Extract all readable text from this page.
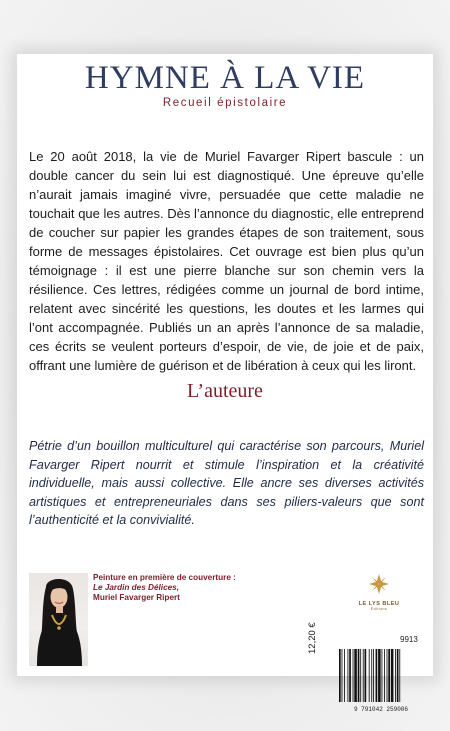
HYMNE À LA VIE
Recueil épistolaire
Le 20 août 2018, la vie de Muriel Favarger Ripert bascule : un double cancer du sein lui est diagnostiqué. Une épreuve qu’elle n’aurait jamais imaginé vivre, persuadée que cette maladie ne touchait que les autres. Dès l’annonce du diagnostic, elle entreprend de coucher sur papier les grandes étapes de son traitement, sous forme de messages épistolaires. Cet ouvrage est bien plus qu’un témoignage : il est une pierre blanche sur son chemin vers la résilience. Ces lettres, rédigées comme un journal de bord intime, relatent avec sincérité les questions, les doutes et les larmes qui l’ont accompagnée. Publiés un an après l’annonce de sa maladie, ces écrits se veulent porteurs d’espoir, de vie, de joie et de paix, offrant une lumière de guérison et de libération à ceux qui les liront.
L’auteure
Pétrie d’un bouillon multiculturel qui caractérise son parcours, Muriel Favarger Ripert nourrit et stimule l’inspiration et la créativité individuelle, mais aussi collective. Elle ancre ses diverses activités artistiques et entrepreneuriales dans ses piliers-valeurs que sont l’authenticité et la convivialité.
Peinture en première de couverture :
Le Jardin des Délices,
Muriel Favarger Ripert
LE LYS BLEU
Éditions
9913
12,20 €
9 791042 259006
